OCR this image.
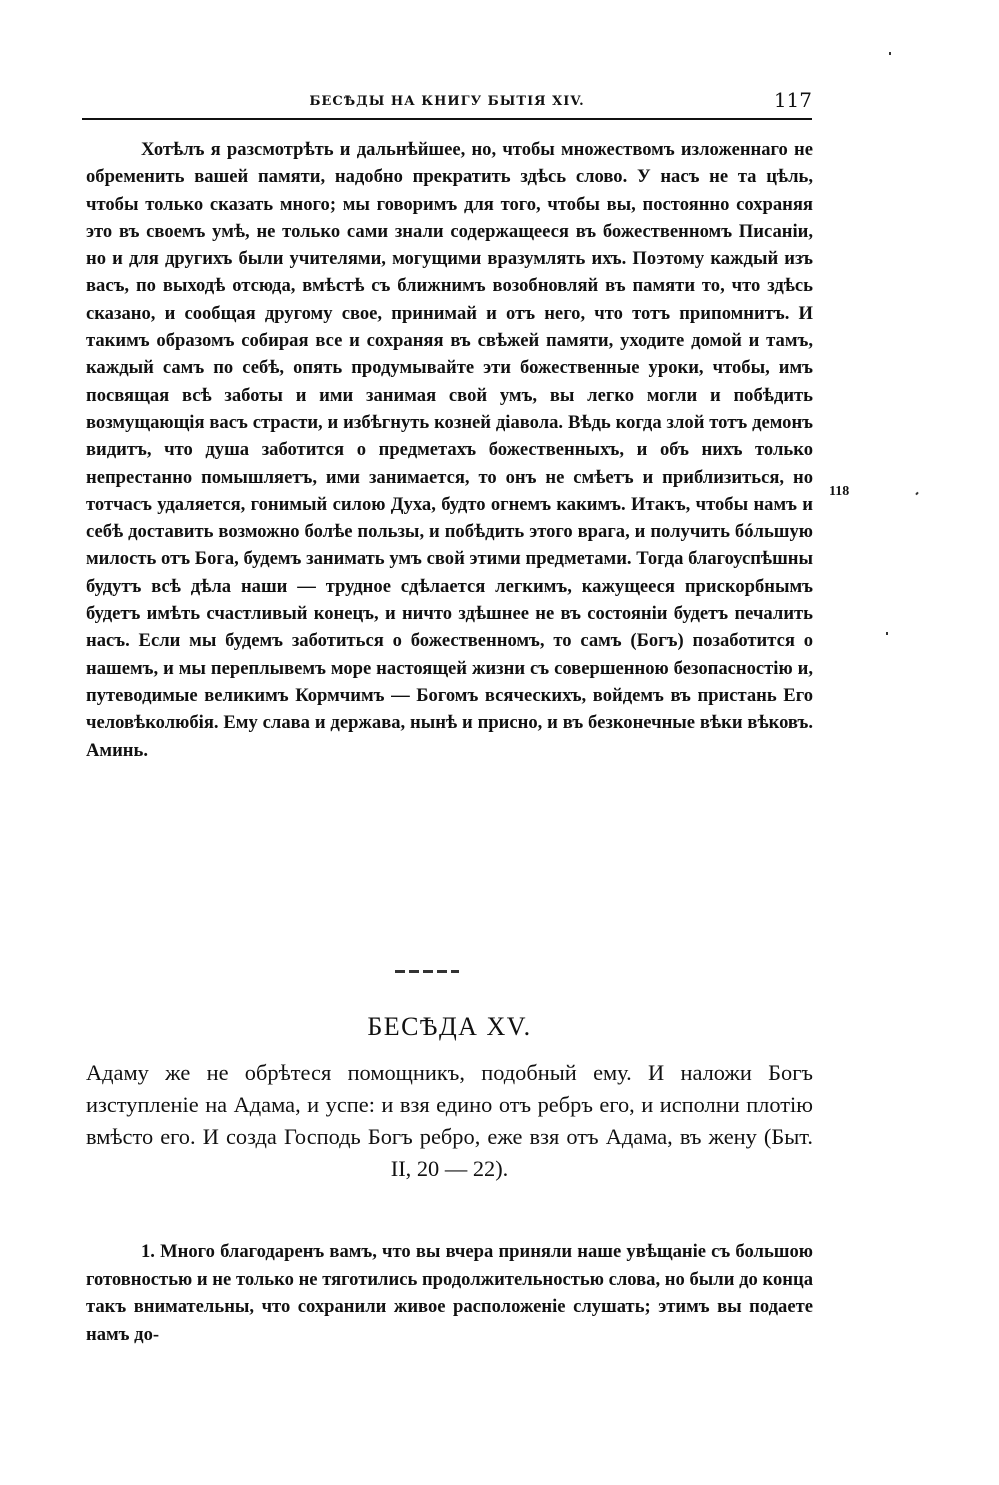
БЕСѢДЫ НА КНИГУ БЫТІЯ XIV.	117

Хотѣлъ я разсмотрѣть и дальнѣйшее, но, чтобы множествомъ изложеннаго не обременить вашей памяти, надобно прекратить здѣсь слово. У насъ не та цѣль, чтобы только сказать много; мы говоримъ для того, чтобы вы, постоянно сохраняя это въ своемъ умѣ, не только сами знали содержащееся въ божественномъ Писаніи, но и для другихъ были учителями, могущими вразумлять ихъ. Поэтому каждый изъ васъ, по выходѣ отсюда, вмѣстѣ съ ближнимъ возобновляй въ памяти то, что здѣсь сказано, и сообщая другому свое, принимай и отъ него, что тотъ припомнитъ. И такимъ образомъ собирая все и сохраняя въ свѣжей памяти, уходите домой и тамъ, каждый самъ по себѣ, опять продумывайте эти божественные уроки, чтобы, имъ посвящая всѣ заботы и ими занимая свой умъ, вы легко могли и побѣдить возмущающія васъ страсти, и избѣгнуть козней діавола. Вѣдь когда злой тотъ демонъ видитъ, что душа заботится о предметахъ божественныхъ, и объ нихъ только непрестанно помышляетъ, ими занимается, то онъ не смѣетъ и приблизиться, но тотчасъ удаляется, гонимый силою Духа, будто огнемъ какимъ. Итакъ, чтобы намъ и себѣ доставить возможно болѣе пользы, и побѣдить этого врага, и получить бóльшую милость отъ Бога, будемъ занимать умъ свой этими предметами. Тогда благоуспѣшны будутъ всѣ дѣла наши — трудное сдѣлается легкимъ, кажущееся прискорбнымъ будетъ имѣть счастливый конецъ, и ничто здѣшнее не въ состояніи будетъ печалить насъ. Если мы будемъ заботиться о божественномъ, то самъ (Богъ) позаботится о нашемъ, и мы переплывемъ море настоящей жизни съ совершенною безопасностію и, путеводимые великимъ Кормчимъ — Богомъ всяческихъ, войдемъ въ пристань Его человѣколюбія. Ему слава и держава, нынѣ и присно, и въ безконечные вѣки вѣковъ. Аминь.

118
БЕСѢДА XV.

Адаму же не обрѣтеся помощникъ, подобный ему. И наложи Богъ изступленіе на Адама, и успе: и взя едино отъ ребръ его, и исполни плотію вмѣсто его. И созда Господь Богъ ребро, еже взя отъ Адама, въ жену (Быт. II, 20 — 22).

1. Много благодаренъ вамъ, что вы вчера приняли наше увѣщаніе съ большою готовностью и не только не тяготились продолжительностью слова, но были до конца такъ внимательны, что сохранили живое расположеніе слушать; этимъ вы подаете намъ до-
